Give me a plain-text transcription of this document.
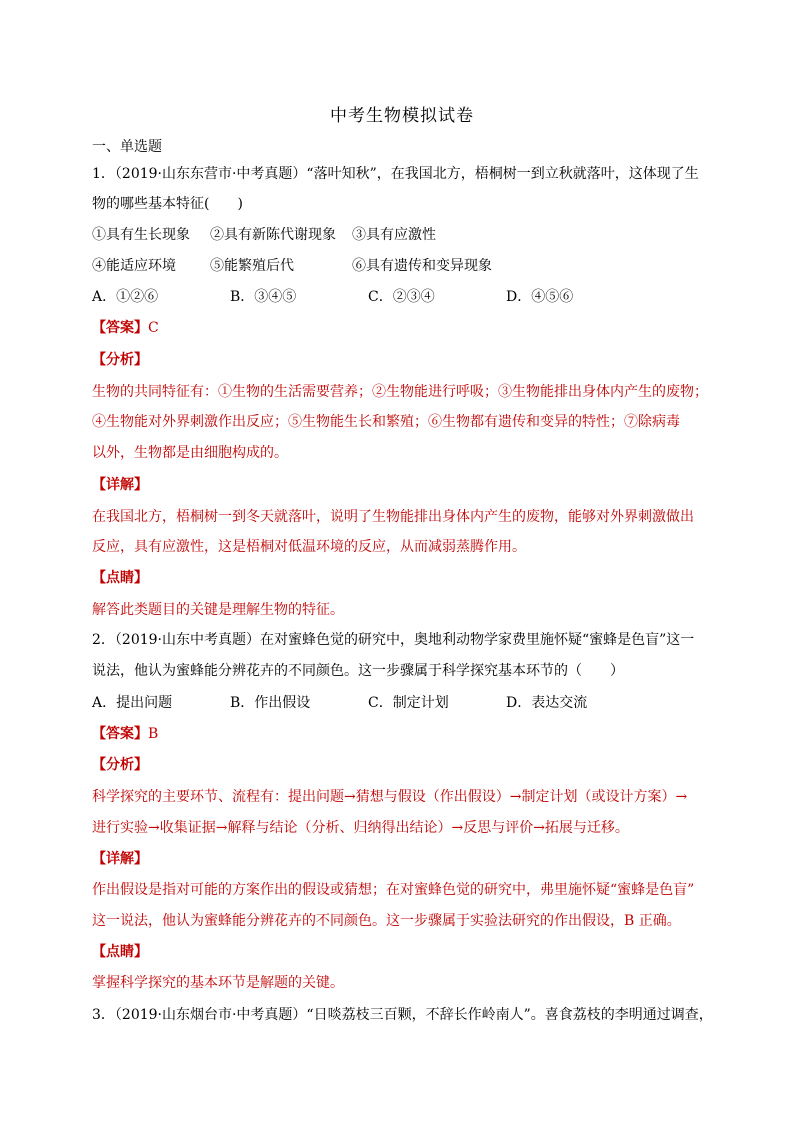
中考生物模拟试卷
一、单选题
1．（2019·山东东营市·中考真题）“落叶知秋”，在我国北方，梧桐树一到立秋就落叶，这体现了生
物的哪些基本特征(　　)
①具有生长现象 ②具有新陈代谢现象 ③具有应激性
④能适应环境 ⑤能繁殖后代	⑥具有遗传和变异现象
A．①②⑥	B．③④⑤	C．②③④	D．④⑤⑥
【答案】C
【分析】
生物的共同特征有：①生物的生活需要营养；②生物能进行呼吸；③生物能排出身体内产生的废物；
④生物能对外界刺激作出反应；⑤生物能生长和繁殖；⑥生物都有遗传和变异的特性；⑦除病毒
以外，生物都是由细胞构成的。
【详解】
在我国北方，梧桐树一到冬天就落叶，说明了生物能排出身体内产生的废物，能够对外界刺激做出
反应，具有应激性，这是梧桐对低温环境的反应，从而减弱蒸腾作用。
【点睛】
解答此类题目的关键是理解生物的特征。
2．（2019·山东中考真题）在对蜜蜂色觉的研究中，奥地利动物学家费里施怀疑“蜜蜂是色盲”这一
说法，他认为蜜蜂能分辨花卉的不同颜色。这一步骤属于科学探究基本环节的（　　）
A．提出问题	B．作出假设	C．制定计划	D．表达交流
【答案】B
【分析】
科学探究的主要环节、流程有：提出问题→猜想与假设（作出假设）→制定计划（或设计方案）→
进行实验→收集证据→解释与结论（分析、归纳得出结论）→反思与评价→拓展与迁移。
【详解】
作出假设是指对可能的方案作出的假设或猜想；在对蜜蜂色觉的研究中，弗里施怀疑“蜜蜂是色盲”
这一说法，他认为蜜蜂能分辨花卉的不同颜色。这一步骤属于实验法研究的作出假设，B 正确。
【点睛】
掌握科学探究的基本环节是解题的关键。
3．（2019·山东烟台市·中考真题）“日啖荔枝三百颗，不辞长作岭南人”。喜食荔枝的李明通过调查，
